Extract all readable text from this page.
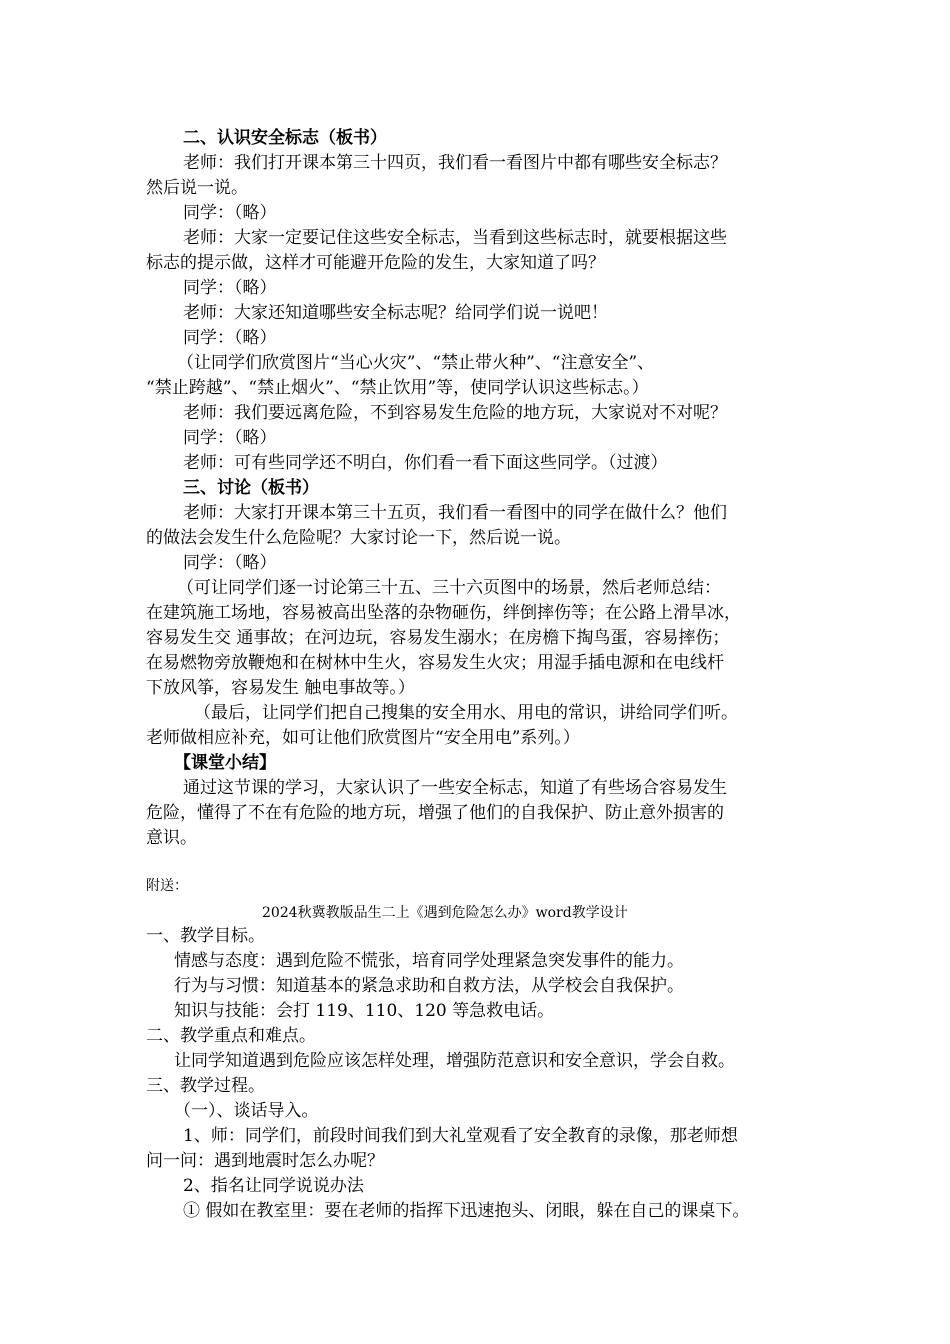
二、认识安全标志（板书）
老师：我们打开课本第三十四页，我们看一看图片中都有哪些安全标志？
然后说一说。
同学：（略）
老师：大家一定要记住这些安全标志，当看到这些标志时，就要根据这些
标志的提示做，这样才可能避开危险的发生，大家知道了吗？
同学：（略）
老师：大家还知道哪些安全标志呢？给同学们说一说吧！
同学：（略）
（让同学们欣赏图片“当心火灾”、“禁止带火种”、“注意安全”、
“禁止跨越”、“禁止烟火”、“禁止饮用”等，使同学认识这些标志。）
老师：我们要远离危险，不到容易发生危险的地方玩，大家说对不对呢？
同学：（略）
老师：可有些同学还不明白，你们看一看下面这些同学。（过渡）
三、讨论（板书）
老师：大家打开课本第三十五页，我们看一看图中的同学在做什么？他们
的做法会发生什么危险呢？大家讨论一下，然后说一说。
同学：（略）
（可让同学们逐一讨论第三十五、三十六页图中的场景，然后老师总结：
在建筑施工场地，容易被高出坠落的杂物砸伤，绊倒摔伤等；在公路上滑旱冰，
容易发生交 通事故；在河边玩，容易发生溺水；在房檐下掏鸟蛋，容易摔伤；
在易燃物旁放鞭炮和在树林中生火，容易发生火灾；用湿手插电源和在电线杆
下放风筝，容易发生 触电事故等。）
（最后，让同学们把自己搜集的安全用水、用电的常识，讲给同学们听。
老师做相应补充，如可让他们欣赏图片“安全用电”系列。）
【课堂小结】
通过这节课的学习，大家认识了一些安全标志，知道了有些场合容易发生
危险，懂得了不在有危险的地方玩，增强了他们的自我保护、防止意外损害的
意识。
附送：
2024秋冀教版品生二上《遇到危险怎么办》word教学设计
一、教学目标。
情感与态度：遇到危险不慌张，培育同学处理紧急突发事件的能力。
行为与习惯：知道基本的紧急求助和自救方法，从学校会自我保护。
知识与技能：会打 119、110、120 等急救电话。
二、教学重点和难点。
让同学知道遇到危险应该怎样处理，增强防范意识和安全意识，学会自救。
三、教学过程。
（一）、谈话导入。
1、师：同学们，前段时间我们到大礼堂观看了安全教育的录像，那老师想
问一问：遇到地震时怎么办呢？
2、指名让同学说说办法
① 假如在教室里：要在老师的指挥下迅速抱头、闭眼，躲在自己的课桌下。
